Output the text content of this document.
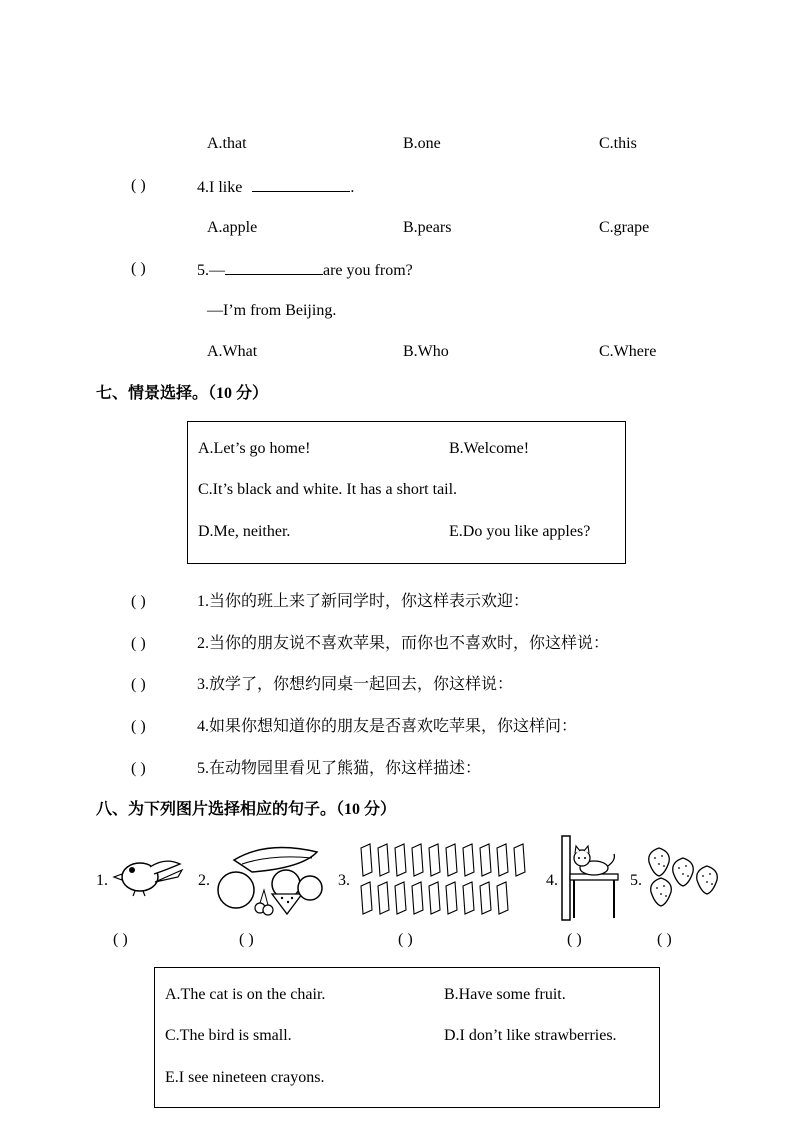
A.that	B.one	C.this
( )	4.I like	.
A.apple	B.pears	C.grape
( )	5.—	are you from?
—I’m from Beijing.
A.What	B.Who	C.Where
七、情景选择。（10 分）
A.Let’s go home!	B.Welcome!
C.It’s black and white. It has a short tail.
D.Me, neither.	E.Do you like apples?
( )	1.当你的班上来了新同学时，你这样表示欢迎：
( )	2.当你的朋友说不喜欢苹果，而你也不喜欢时，你这样说：
( )	3.放学了，你想约同桌一起回去，你这样说：
( )	4.如果你想知道你的朋友是否喜欢吃苹果，你这样问：
( )	5.在动物园里看见了熊猫，你这样描述：
八、为下列图片选择相应的句子。（10 分）
1.
( )
2.
( )
3.
( )
4.
( )
5.
( )
A.The cat is on the chair.	B.Have some fruit.
C.The bird is small.	D.I don’t like strawberries.
E.I see nineteen crayons.
